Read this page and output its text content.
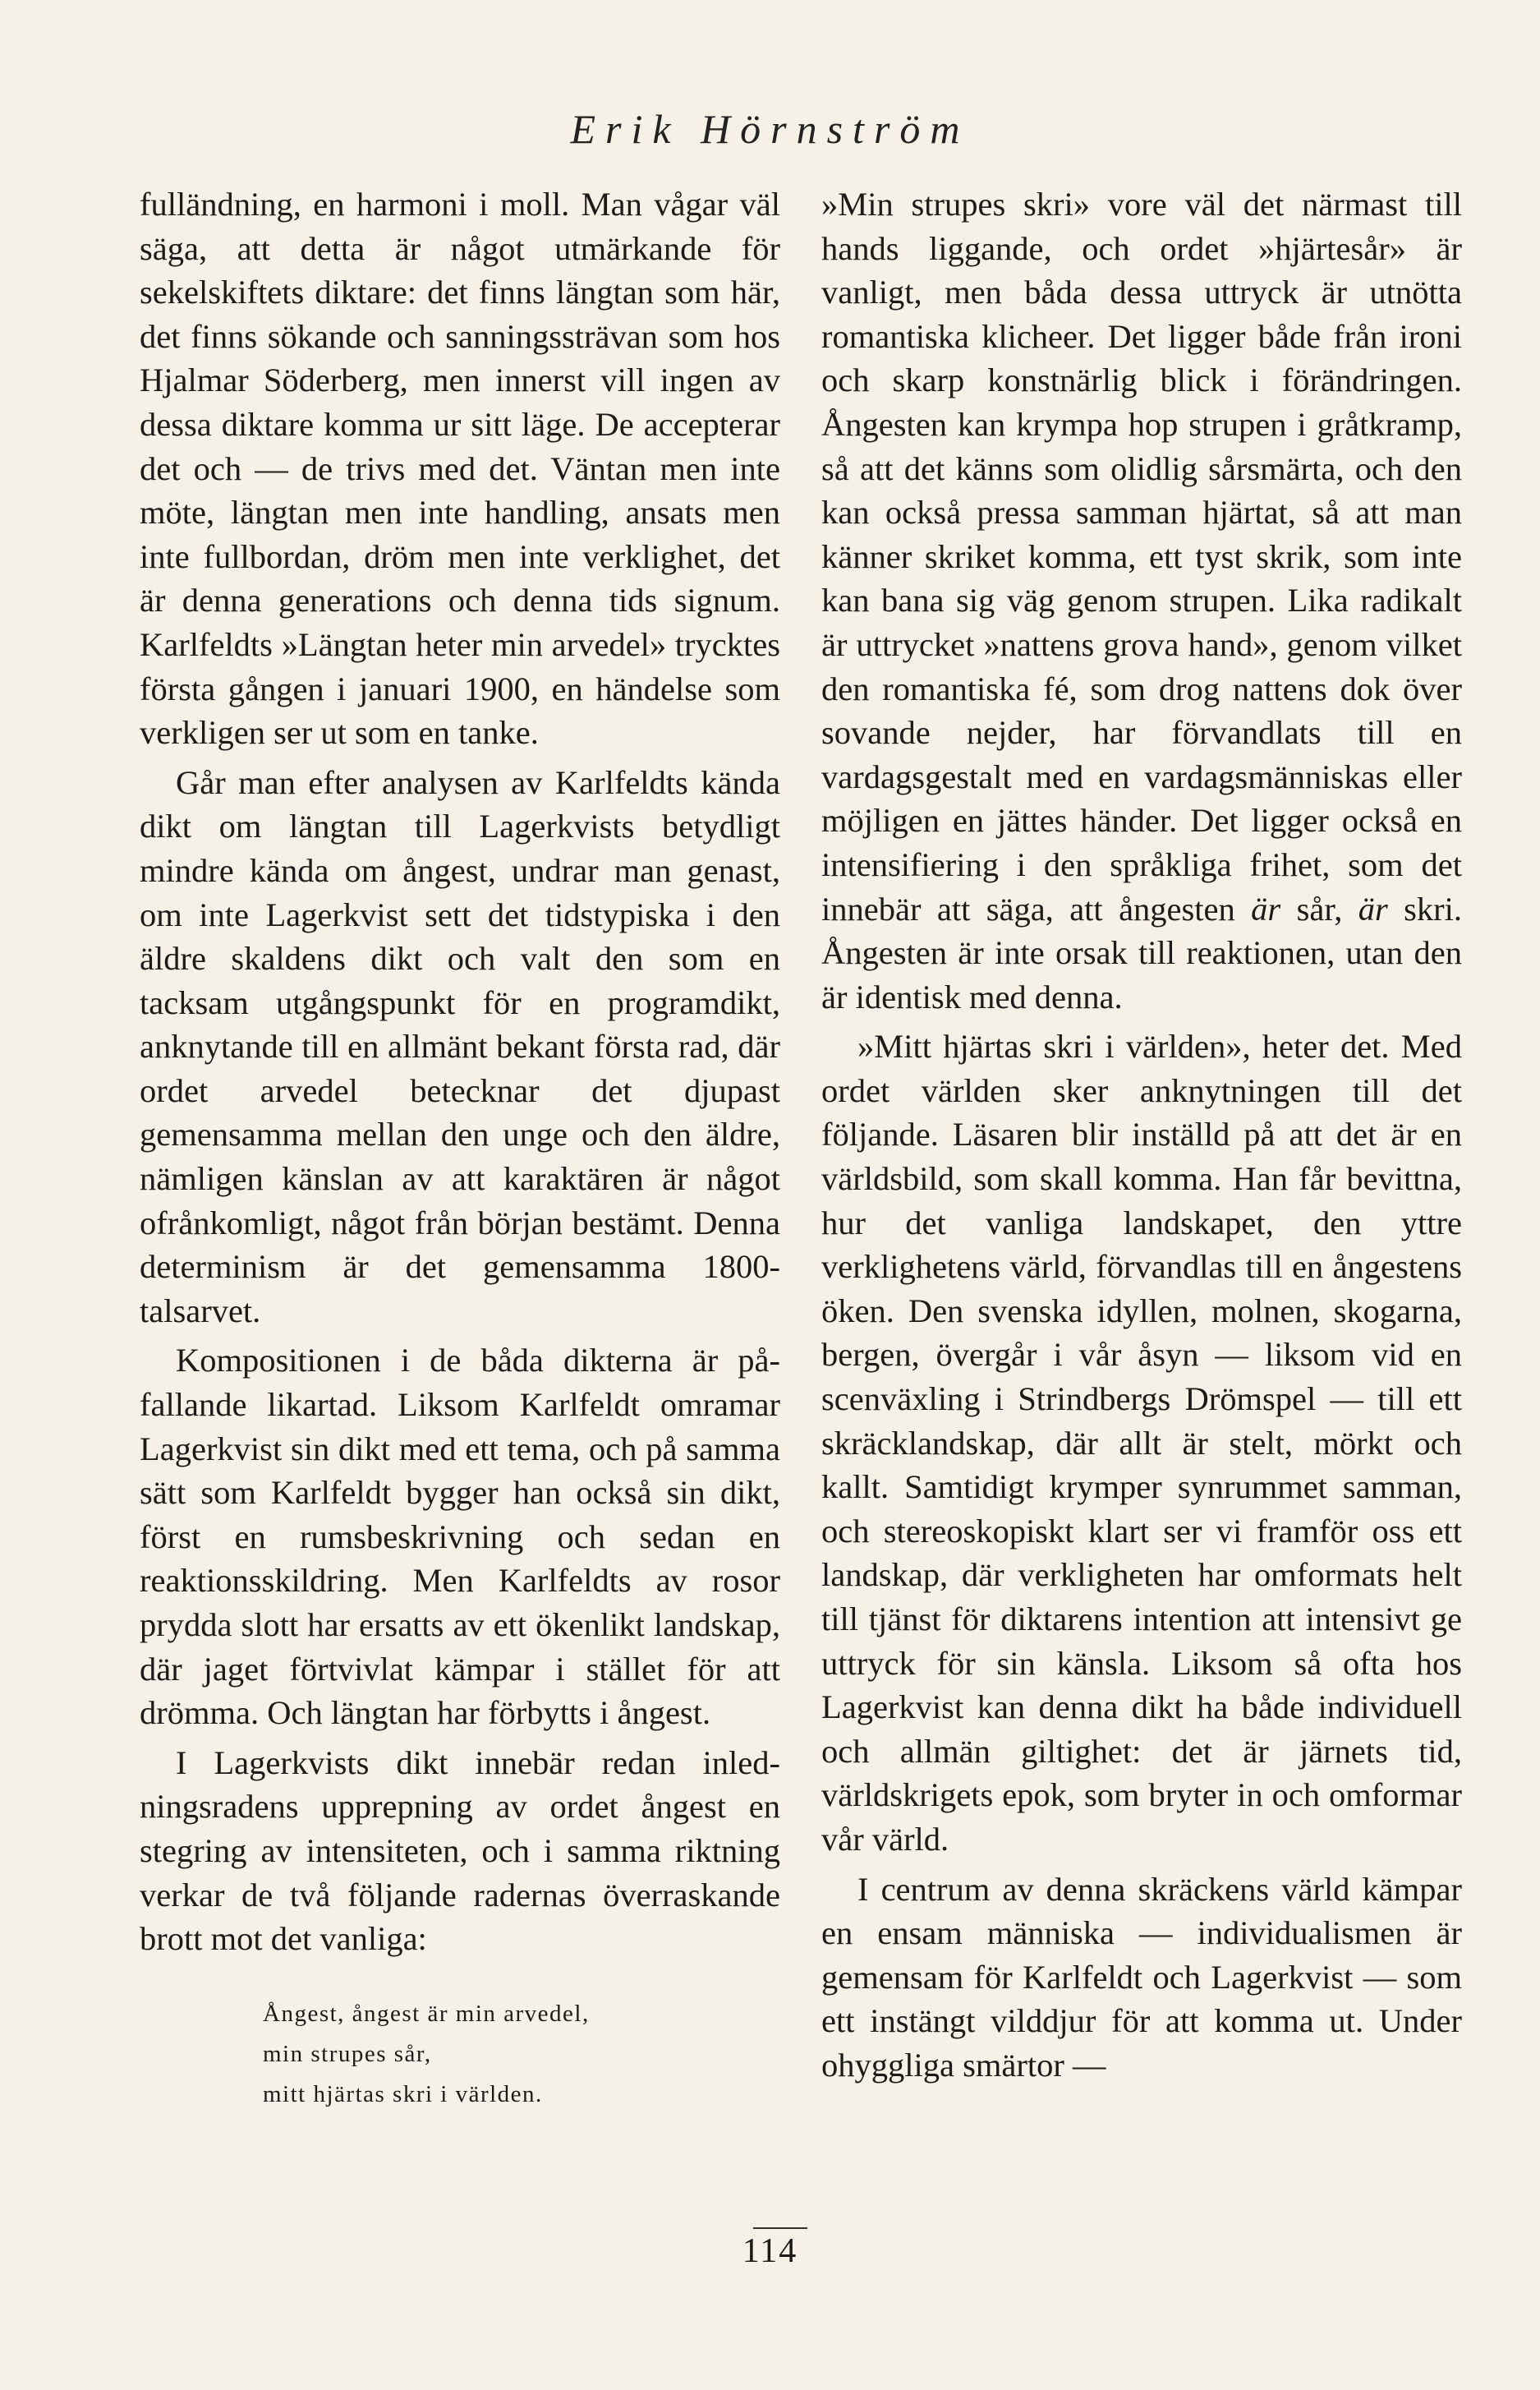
Erik Hörnström

fulländning, en harmoni i moll. Man vågar väl säga, att detta är något utmärkande för sekelskiftets diktare: det finns längtan som här, det finns sökande och sanningssträvan som hos Hjalmar Söderberg, men innerst vill ingen av dessa diktare komma ur sitt läge. De accepterar det och — de trivs med det. Väntan men inte möte, längtan men inte handling, ansats men inte fullbordan, dröm men inte verklighet, det är denna generations och denna tids signum. Karlfeldts »Längtan heter min arvedel» trycktes första gången i januari 1900, en händelse som verkligen ser ut som en tanke.

Går man efter analysen av Karlfeldts kända dikt om längtan till Lagerkvists betydligt mindre kända om ångest, undrar man genast, om inte Lagerkvist sett det tidstypiska i den äldre skaldens dikt och valt den som en tacksam utgångspunkt för en programdikt, anknytande till en allmänt bekant första rad, där ordet arvedel betecknar det djupast gemensamma mellan den unge och den äldre, nämligen känslan av att karaktären är något ofrånkomligt, något från början bestämt. Denna determinism är det gemensamma 1800-talsarvet.

Kompositionen i de båda dikterna är påfallande likartad. Liksom Karlfeldt omramar Lagerkvist sin dikt med ett tema, och på samma sätt som Karlfeldt bygger han också sin dikt, först en rumsbeskrivning och sedan en reaktionsskildring. Men Karlfeldts av rosor prydda slott har ersatts av ett ökenlikt landskap, där jaget förtvivlat kämpar i stället för att drömma. Och längtan har förbytts i ångest.

I Lagerkvists dikt innebär redan inledningsradens upprepning av ordet ångest en stegring av intensiteten, och i samma riktning verkar de två följande radernas överraskande brott mot det vanliga:

Ångest, ångest är min arvedel,
min strupes sår,
mitt hjärtas skri i världen.

»Min strupes skri» vore väl det närmast till hands liggande, och ordet »hjärtesår» är vanligt, men båda dessa uttryck är utnötta romantiska klicheer. Det ligger både från ironi och skarp konstnärlig blick i förändringen. Ångesten kan krympa hop strupen i gråtkramp, så att det känns som olidlig sårsmärta, och den kan också pressa samman hjärtat, så att man känner skriket komma, ett tyst skrik, som inte kan bana sig väg genom strupen. Lika radikalt är uttrycket »nattens grova hand», genom vilket den romantiska fé, som drog nattens dok över sovande nejder, har förvandlats till en vardagsgestalt med en vardagsmänniskas eller möjligen en jättes händer. Det ligger också en intensifiering i den språkliga frihet, som det innebär att säga, att ångesten är sår, är skri. Ångesten är inte orsak till reaktionen, utan den är identisk med denna.

»Mitt hjärtas skri i världen», heter det. Med ordet världen sker anknytningen till det följande. Läsaren blir inställd på att det är en världsbild, som skall komma. Han får bevittna, hur det vanliga landskapet, den yttre verklighetens värld, förvandlas till en ångestens öken. Den svenska idyllen, molnen, skogarna, bergen, övergår i vår åsyn — liksom vid en scenväxling i Strindbergs Drömspel — till ett skräcklandskap, där allt är stelt, mörkt och kallt. Samtidigt krymper synrummet samman, och stereoskopiskt klart ser vi framför oss ett landskap, där verkligheten har omformats helt till tjänst för diktarens intention att intensivt ge uttryck för sin känsla. Liksom så ofta hos Lagerkvist kan denna dikt ha både individuell och allmän giltighet: det är järnets tid, världskrigets epok, som bryter in och omformar vår värld.

I centrum av denna skräckens värld kämpar en ensam människa — individualismen är gemensam för Karlfeldt och Lagerkvist — som ett instängt vilddjur för att komma ut. Under ohyggliga smärtor —

114
